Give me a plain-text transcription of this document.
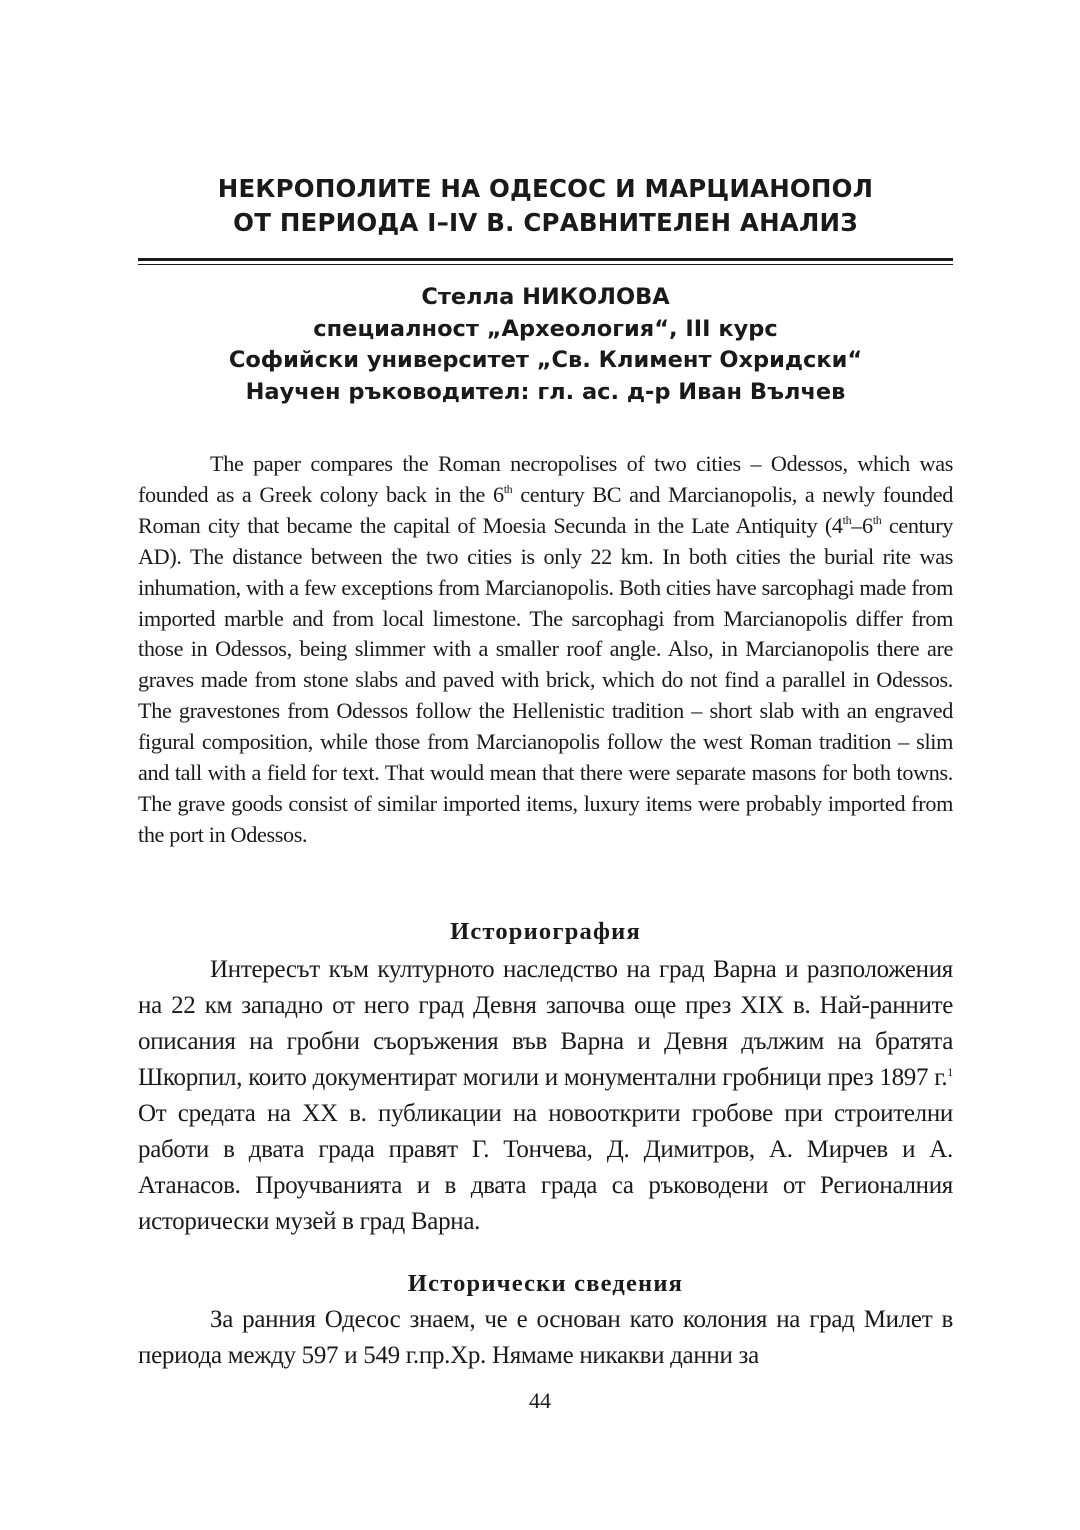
НЕКРОПОЛИТЕ НА ОДЕСОС И МАРЦИАНОПОЛ
ОТ ПЕРИОДА I–IV В. СРАВНИТЕЛЕН АНАЛИЗ
Стелла НИКОЛОВА
специалност „Археология“, III курс
Софийски университет „Св. Климент Охридски“
Научен ръководител: гл. ас. д-р Иван Вълчев

The paper compares the Roman necropolises of two cities – Odessos, which was founded as a Greek colony back in the 6th century BC and Marcianopolis, a newly founded Roman city that became the capital of Moesia Secunda in the Late Antiquity (4th–6th century AD). The distance between the two cities is only 22 km. In both cities the burial rite was inhumation, with a few exceptions from Marcianopolis. Both cities have sarcophagi made from imported marble and from local limestone. The sarcophagi from Marcianopolis differ from those in Odessos, being slimmer with a smaller roof angle. Also, in Marcianopolis there are graves made from stone slabs and paved with brick, which do not find a parallel in Odessos. The gravestones from Odessos follow the Hellenistic tradition – short slab with an engraved figural composition, while those from Marcianopolis follow the west Roman tradition – slim and tall with a field for text. That would mean that there were separate masons for both towns. The grave goods consist of similar imported items, luxury items were probably imported from the port in Odessos.

Историография

Интересът към културното наследство на град Варна и разположения на 22 км западно от него град Девня започва още през XIX в. Най-ранните описания на гробни съоръжения във Варна и Девня дължим на братята Шкорпил, които документират могили и монументални гробници през 1897 г.$^1$ От средата на XX в. публикации на новооткрити гробове при строителни работи в двата града правят Г. Тончева, Д. Димитров, А. Мирчев и А. Атанасов. Проучванията и в двата града са ръководени от Регионалния исторически музей в град Варна.

Исторически сведения

За ранния Одесос знаем, че е основан като колония на град Милет в периода между 597 и 549 г.пр.Хр. Нямаме никакви данни за

44
